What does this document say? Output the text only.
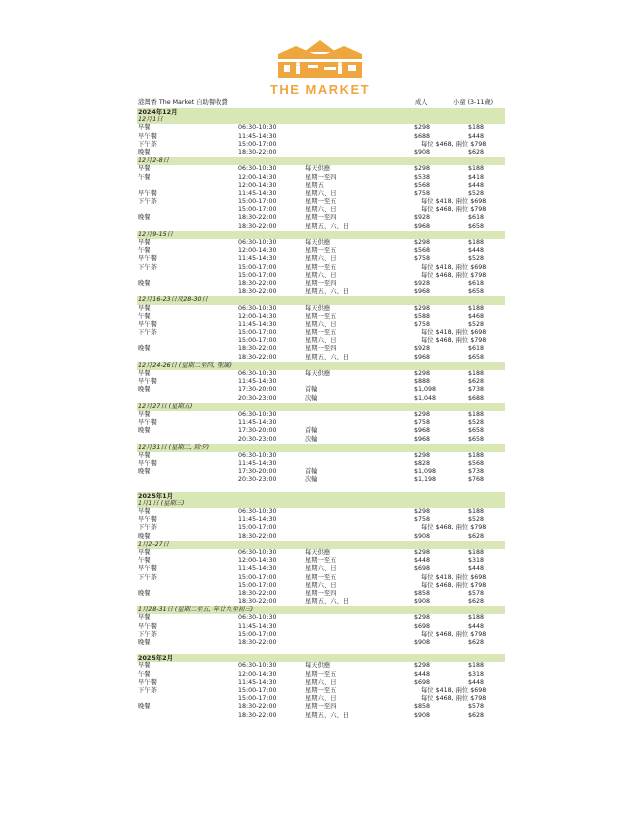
THE MARKET
港灣香 The Market 自助餐收費	成人	小童 (3-11歲)
2024年12月
12月1日
早餐	06:30-10:30	$298	$188
早午餐	11:45-14:30	$688	$448
下午茶	15:00-17:00	每位 $468, 兩位 $798
晚餐	18:30-22:00	$908	$628
12月2-8日
早餐	06:30-10:30	每天供應	$298	$188
午餐	12:00-14:30	星期一至四	$538	$418
12:00-14:30	星期五	$568	$448
早午餐	11:45-14:30	星期六、日	$758	$528
下午茶	15:00-17:00	星期一至五	每位 $418, 兩位 $698
15:00-17:00	星期六、日	每位 $468, 兩位 $798
晚餐	18:30-22:00	星期一至四	$928	$618
18:30-22:00	星期五、六、日	$968	$658
12月9-15日
早餐	06:30-10:30	每天供應	$298	$188
午餐	12:00-14:30	星期一至五	$568	$448
早午餐	11:45-14:30	星期六、日	$758	$528
下午茶	15:00-17:00	星期一至五	每位 $418, 兩位 $698
15:00-17:00	星期六、日	每位 $468, 兩位 $798
晚餐	18:30-22:00	星期一至四	$928	$618
18:30-22:00	星期五、六、日	$968	$658
12月16-23日及28-30日
早餐	06:30-10:30	每天供應	$298	$188
午餐	12:00-14:30	星期一至五	$588	$468
早午餐	11:45-14:30	星期六、日	$758	$528
下午茶	15:00-17:00	星期一至五	每位 $418, 兩位 $698
15:00-17:00	星期六、日	每位 $468, 兩位 $798
晚餐	18:30-22:00	星期一至四	$928	$618
18:30-22:00	星期五、六、日	$968	$658
12月24-26日 (星期二至四, 聖誕)
早餐	06:30-10:30	每天供應	$298	$188
早午餐	11:45-14:30	$888	$628
晚餐	17:30-20:00	首輪	$1,098	$738
20:30-23:00	次輪	$1,048	$688
12月27日 (星期五)
早餐	06:30-10:30	$298	$188
早午餐	11:45-14:30	$758	$528
晚餐	17:30-20:00	首輪	$968	$658
20:30-23:00	次輪	$968	$658
12月31日 (星期二, 除夕)
早餐	06:30-10:30	$298	$188
早午餐	11:45-14:30	$828	$568
晚餐	17:30-20:00	首輪	$1,098	$738
20:30-23:00	次輪	$1,198	$768
2025年1月
1月1日 (星期三)
早餐	06:30-10:30	$298	$188
早午餐	11:45-14:30	$758	$528
下午茶	15:00-17:00	每位 $468, 兩位 $798
晚餐	18:30-22:00	$908	$628
1月2-27日
早餐	06:30-10:30	每天供應	$298	$188
午餐	12:00-14:30	星期一至五	$448	$318
早午餐	11:45-14:30	星期六、日	$698	$448
下午茶	15:00-17:00	星期一至五	每位 $418, 兩位 $698
15:00-17:00	星期六、日	每位 $468, 兩位 $798
晚餐	18:30-22:00	星期一至四	$858	$578
18:30-22:00	星期五、六、日	$908	$628
1月28-31日 (星期二至五, 年廿九至初三)
早餐	06:30-10:30	$298	$188
早午餐	11:45-14:30	$698	$448
下午茶	15:00-17:00	每位 $468, 兩位 $798
晚餐	18:30-22:00	$908	$628
2025年2月
早餐	06:30-10:30	每天供應	$298	$188
午餐	12:00-14:30	星期一至五	$448	$318
早午餐	11:45-14:30	星期六、日	$698	$448
下午茶	15:00-17:00	星期一至五	每位 $418, 兩位 $698
15:00-17:00	星期六、日	每位 $468, 兩位 $798
晚餐	18:30-22:00	星期一至四	$858	$578
18:30-22:00	星期五、六、日	$908	$628
